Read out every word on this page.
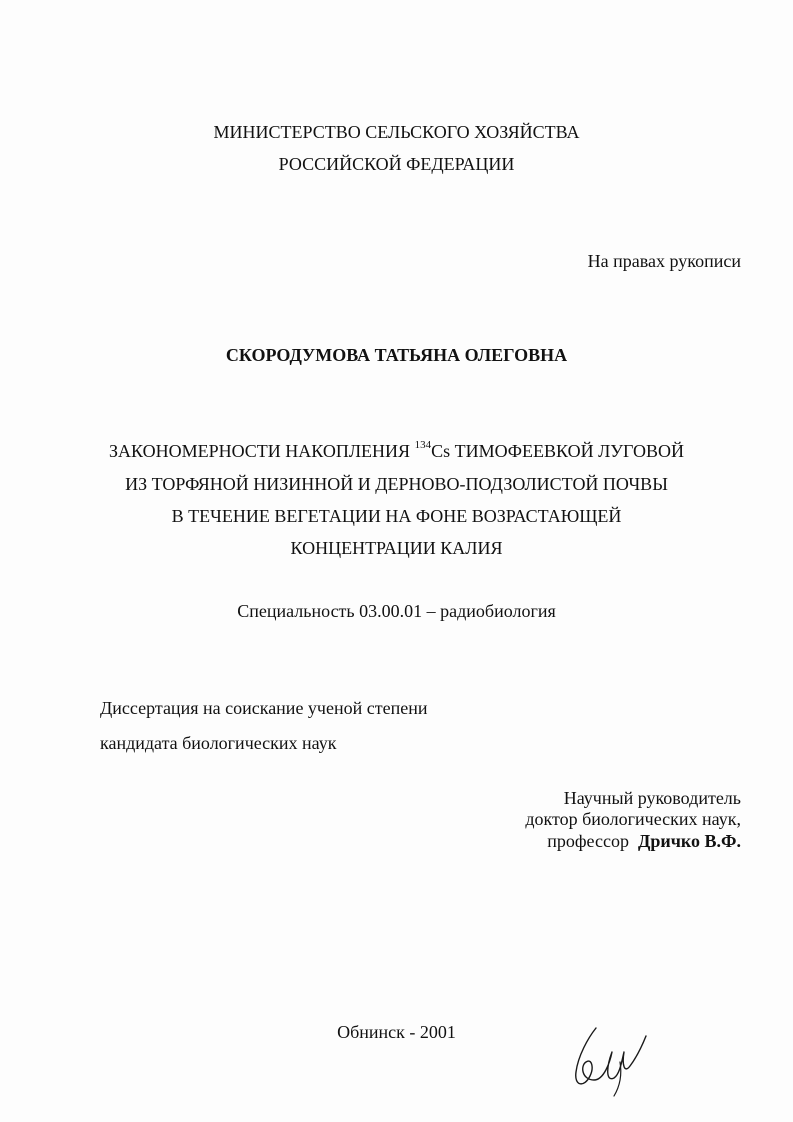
МИНИСТЕРСТВО СЕЛЬСКОГО ХОЗЯЙСТВА
РОССИЙСКОЙ ФЕДЕРАЦИИ
На правах рукописи
СКОРОДУМОВА ТАТЬЯНА ОЛЕГОВНА
ЗАКОНОМЕРНОСТИ НАКОПЛЕНИЯ $^{134}$Cs ТИМОФЕЕВКОЙ ЛУГОВОЙ
ИЗ ТОРФЯНОЙ НИЗИННОЙ И ДЕРНОВО-ПОДЗОЛИСТОЙ ПОЧВЫ
В ТЕЧЕНИЕ ВЕГЕТАЦИИ НА ФОНЕ ВОЗРАСТАЮЩЕЙ
КОНЦЕНТРАЦИИ КАЛИЯ
Специальность 03.00.01 – радиобиология
Диссертация на соискание ученой степени
кандидата биологических наук
Научный руководитель
доктор биологических наук,
профессор Дричко В.Ф.
Обнинск - 2001
